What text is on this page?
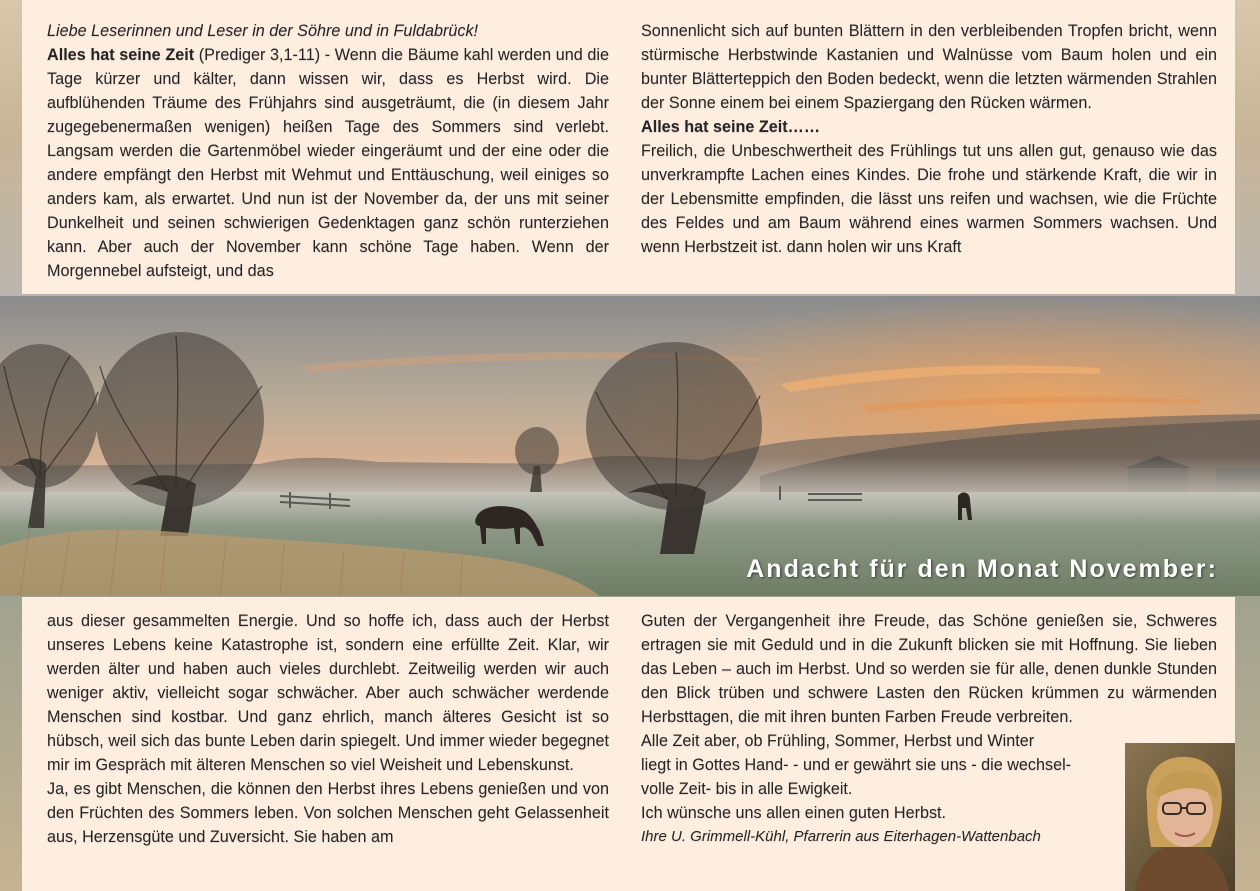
Liebe Leserinnen und Leser in der Söhre und in Fuldabrück!

Alles hat seine Zeit (Prediger 3,1-11) - Wenn die Bäume kahl werden und die Tage kürzer und kälter, dann wissen wir, dass es Herbst wird. Die aufblühenden Träume des Frühjahrs sind ausgeträumt, die (in diesem Jahr zugegebenermaßen wenigen) heißen Tage des Sommers sind verlebt. Langsam werden die Gartenmöbel wieder eingeräumt und der eine oder die andere empfängt den Herbst mit Wehmut und Enttäuschung, weil einiges so anders kam, als erwartet. Und nun ist der November da, der uns mit seiner Dunkelheit und seinen schwierigen Gedenktagen ganz schön runterziehen kann. Aber auch der November kann schöne Tage haben. Wenn der Morgennebel aufsteigt, und das

Sonnenlicht sich auf bunten Blättern in den verbleibenden Tropfen bricht, wenn stürmische Herbstwinde Kastanien und Walnüsse vom Baum holen und ein bunter Blätterteppich den Boden bedeckt, wenn die letzten wärmenden Strahlen der Sonne einem bei einem Spaziergang den Rücken wärmen.

Alles hat seine Zeit……

Freilich, die Unbeschwertheit des Frühlings tut uns allen gut, genauso wie das unverkrampfte Lachen eines Kindes. Die frohe und stärkende Kraft, die wir in der Lebensmitte empfinden, die lässt uns reifen und wachsen, wie die Früchte des Feldes und am Baum während eines warmen Sommers wachsen. Und wenn Herbstzeit ist. dann holen wir uns Kraft

Andacht für den Monat November:

aus dieser gesammelten Energie. Und so hoffe ich, dass auch der Herbst unseres Lebens keine Katastrophe ist, sondern eine erfüllte Zeit. Klar, wir werden älter und haben auch vieles durchlebt. Zeitweilig werden wir auch weniger aktiv, vielleicht sogar schwächer. Aber auch schwächer werdende Menschen sind kostbar. Und ganz ehrlich, manch älteres Gesicht ist so hübsch, weil sich das bunte Leben darin spiegelt. Und immer wieder begegnet mir im Gespräch mit älteren Menschen so viel Weisheit und Lebenskunst.

Ja, es gibt Menschen, die können den Herbst ihres Lebens genießen und von den Früchten des Sommers leben. Von solchen Menschen geht Gelassenheit aus, Herzensgüte und Zuversicht. Sie haben am

Guten der Vergangenheit ihre Freude, das Schöne genießen sie, Schweres ertragen sie mit Geduld und in die Zukunft blicken sie mit Hoffnung. Sie lieben das Leben – auch im Herbst. Und so werden sie für alle, denen dunkle Stunden den Blick trüben und schwere Lasten den Rücken krümmen zu wärmenden Herbsttagen, die mit ihren bunten Farben Freude verbreiten.

Alle Zeit aber, ob Frühling, Sommer, Herbst und Winter

liegt in Gottes Hand- - und er gewährt sie uns - die wechsel-

volle Zeit- bis in alle Ewigkeit.

Ich wünsche uns allen einen guten Herbst.

Ihre U. Grimmell-Kühl, Pfarrerin aus Eiterhagen-Wattenbach
